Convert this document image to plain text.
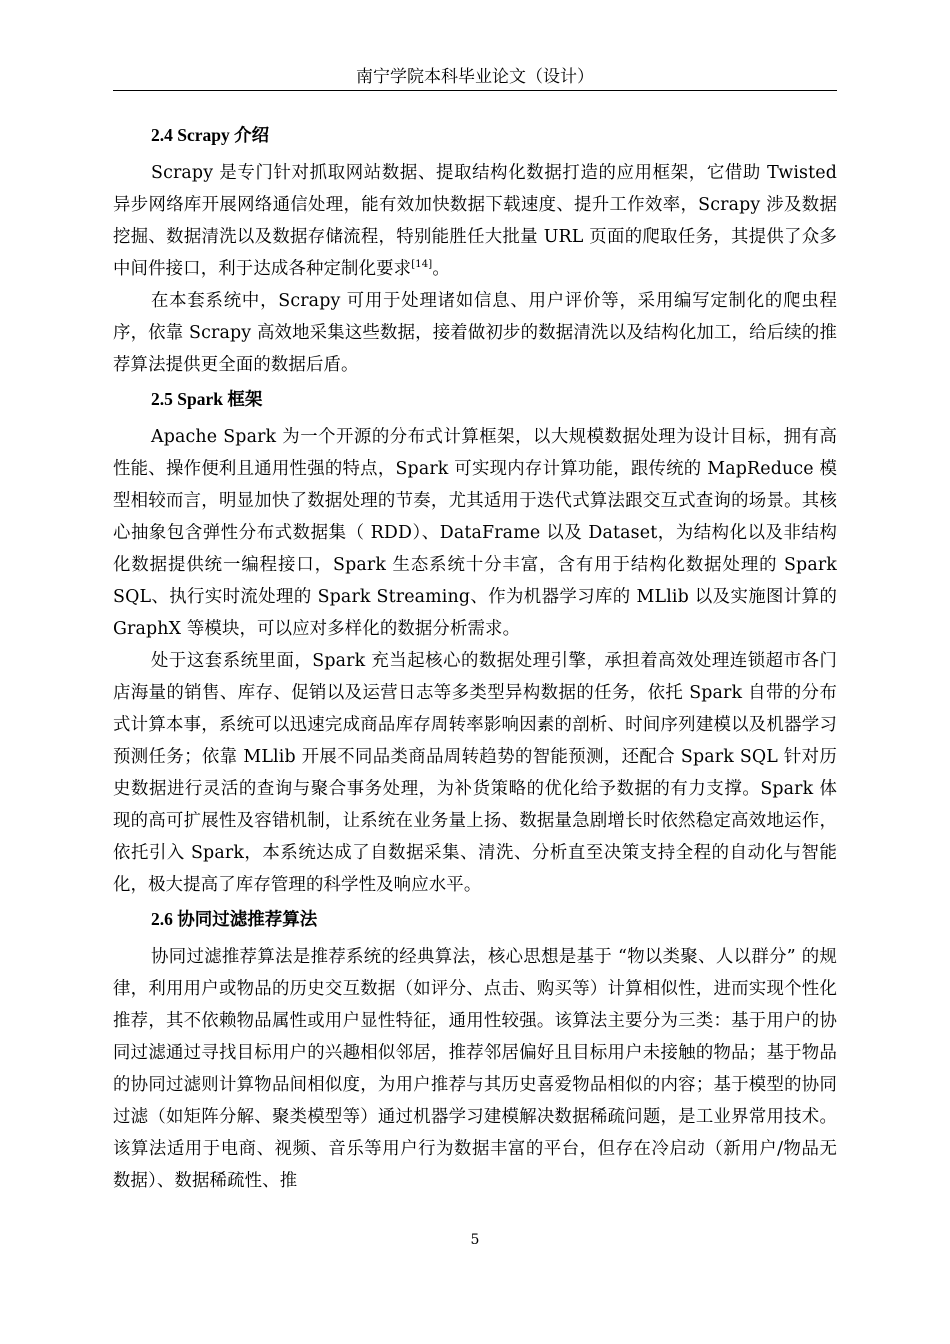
南宁学院本科毕业论文（设计）
2.4 Scrapy 介绍

Scrapy 是专门针对抓取网站数据、提取结构化数据打造的应用框架，它借助 Twisted 异步网络库开展网络通信处理，能有效加快数据下载速度、提升工作效率，Scrapy 涉及数据挖掘、数据清洗以及数据存储流程，特别能胜任大批量 URL 页面的爬取任务，其提供了众多中间件接口，利于达成各种定制化要求[14]。

在本套系统中，Scrapy 可用于处理诸如信息、用户评价等，采用编写定制化的爬虫程序，依靠 Scrapy 高效地采集这些数据，接着做初步的数据清洗以及结构化加工，给后续的推荐算法提供更全面的数据后盾。

2.5 Spark 框架

Apache Spark 为一个开源的分布式计算框架，以大规模数据处理为设计目标，拥有高性能、操作便利且通用性强的特点，Spark 可实现内存计算功能，跟传统的 MapReduce 模型相较而言，明显加快了数据处理的节奏，尤其适用于迭代式算法跟交互式查询的场景。其核心抽象包含弹性分布式数据集（ RDD）、DataFrame 以及 Dataset，为结构化以及非结构化数据提供统一编程接口，Spark 生态系统十分丰富，含有用于结构化数据处理的 Spark SQL、执行实时流处理的 Spark Streaming、作为机器学习库的 MLlib 以及实施图计算的 GraphX 等模块，可以应对多样化的数据分析需求。

处于这套系统里面，Spark 充当起核心的数据处理引擎，承担着高效处理连锁超市各门店海量的销售、库存、促销以及运营日志等多类型异构数据的任务，依托 Spark 自带的分布式计算本事，系统可以迅速完成商品库存周转率影响因素的剖析、时间序列建模以及机器学习预测任务；依靠 MLlib 开展不同品类商品周转趋势的智能预测，还配合 Spark SQL 针对历史数据进行灵活的查询与聚合事务处理，为补货策略的优化给予数据的有力支撑。Spark 体现的高可扩展性及容错机制，让系统在业务量上扬、数据量急剧增长时依然稳定高效地运作，依托引入 Spark，本系统达成了自数据采集、清洗、分析直至决策支持全程的自动化与智能化，极大提高了库存管理的科学性及响应水平。

2.6 协同过滤推荐算法

协同过滤推荐算法是推荐系统的经典算法，核心思想是基于 “物以类聚、人以群分” 的规律，利用用户或物品的历史交互数据（如评分、点击、购买等）计算相似性，进而实现个性化推荐，其不依赖物品属性或用户显性特征，通用性较强。该算法主要分为三类：基于用户的协同过滤通过寻找目标用户的兴趣相似邻居，推荐邻居偏好且目标用户未接触的物品；基于物品的协同过滤则计算物品间相似度，为用户推荐与其历史喜爱物品相似的内容；基于模型的协同过滤（如矩阵分解、聚类模型等）通过机器学习建模解决数据稀疏问题，是工业界常用技术。该算法适用于电商、视频、音乐等用户行为数据丰富的平台，但存在冷启动（新用户/物品无数据）、数据稀疏性、推

5
